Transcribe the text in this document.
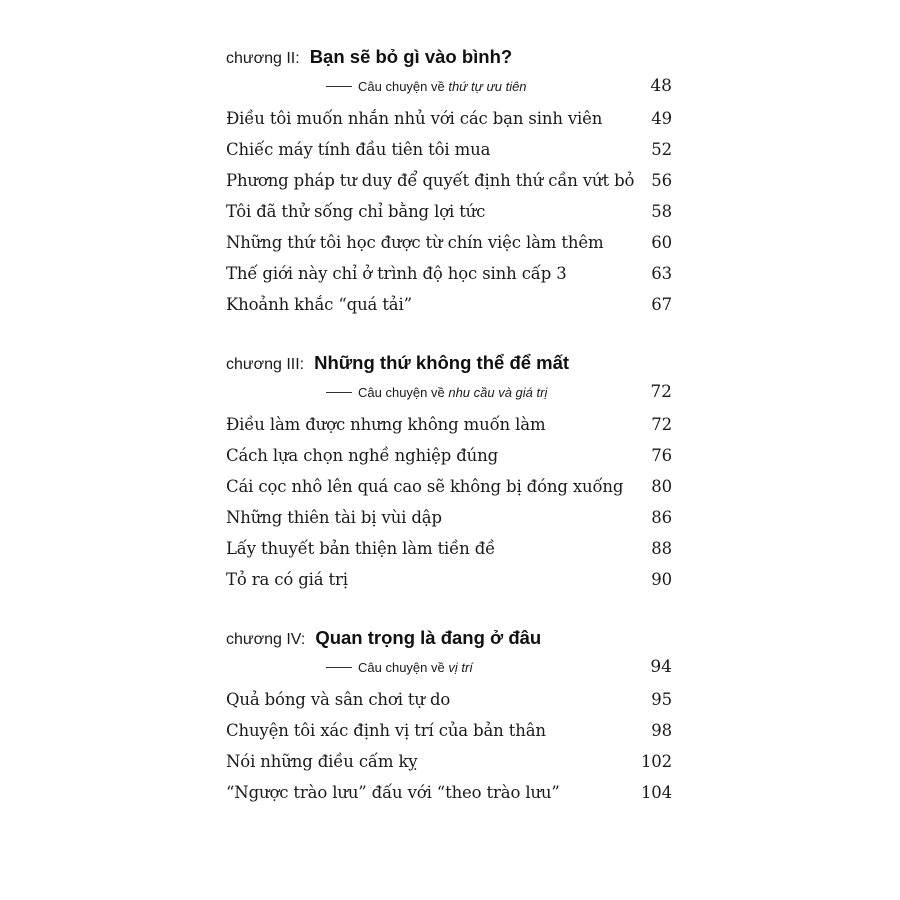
chương II: Bạn sẽ bỏ gì vào bình?
Câu chuyện về thứ tự ưu tiên	48
Điều tôi muốn nhắn nhủ với các bạn sinh viên	49
Chiếc máy tính đầu tiên tôi mua	52
Phương pháp tư duy để quyết định thứ cần vứt bỏ 56
Tôi đã thử sống chỉ bằng lợi tức	58
Những thứ tôi học được từ chín việc làm thêm	60
Thế giới này chỉ ở trình độ học sinh cấp 3	63
Khoảnh khắc “quá tải”	67
chương III: Những thứ không thể để mất
Câu chuyện về nhu cầu và giá trị	72
Điều làm được nhưng không muốn làm	72
Cách lựa chọn nghề nghiệp đúng	76
Cái cọc nhô lên quá cao sẽ không bị đóng xuống 80
Những thiên tài bị vùi dập	86
Lấy thuyết bản thiện làm tiền đề	88
Tỏ ra có giá trị	90
chương IV: Quan trọng là đang ở đâu
Câu chuyện về vị trí	94
Quả bóng và sân chơi tự do	95
Chuyện tôi xác định vị trí của bản thân	98
Nói những điều cấm kỵ	102
“Ngược trào lưu” đấu với “theo trào lưu”	104
